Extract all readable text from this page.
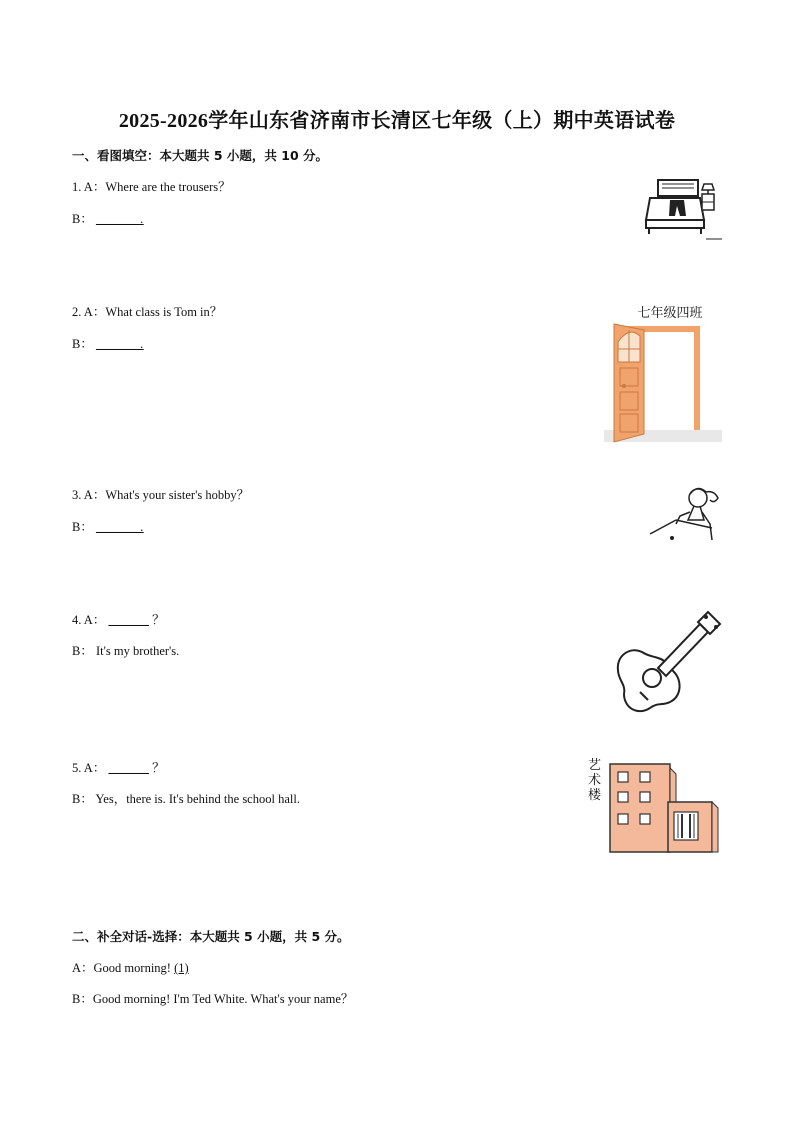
2025-2026学年山东省济南市长清区七年级（上）期中英语试卷
一、看图填空：本大题共 5 小题，共 10 分。
1. A：Where are the trousers？
B： ______ .
2. A：What class is Tom in？
B： ______ .
七年级四班
3. A：What's your sister's hobby？
B： ______ .
4. A： ______ ？
B： It's my brother's.
5. A： ______ ？
B： Yes，there is. It's behind the school hall.
艺术楼
二、补全对话-选择：本大题共 5 小题，共 5 分。
A：Good morning! (1)
B：Good morning! I'm Ted White. What's your name？
